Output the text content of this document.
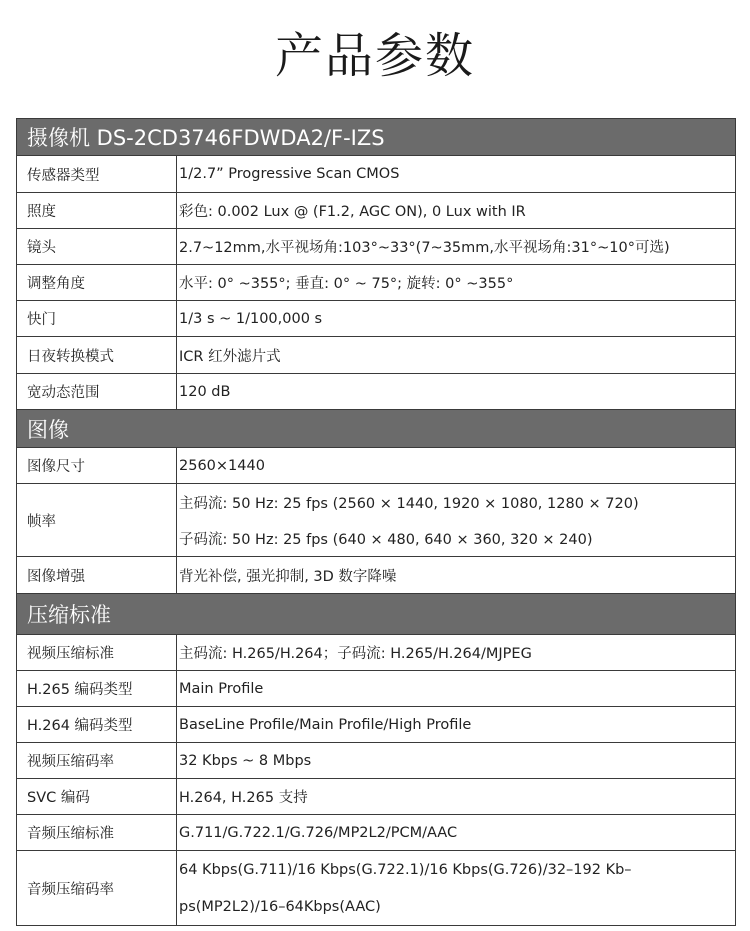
产品参数
摄像机 DS-2CD3746FDWDA2/F-IZS	
传感器类型	1/2.7” Progressive Scan CMOS
照度	彩色: 0.002 Lux @ (F1.2, AGC ON), 0 Lux with IR
镜头	2.7~12mm,水平视场角:103°~33°(7~35mm,水平视场角:31°~10°可选)
调整角度	水平: 0° ~355°; 垂直: 0° ~ 75°; 旋转: 0° ~355°
快门	1/3 s ~ 1/100,000 s
日夜转换模式	ICR 红外滤片式
宽动态范围	120 dB
图像	
图像尺寸	2560×1440
帧率	主码流: 50 Hz: 25 fps (2560 × 1440, 1920 × 1080, 1280 × 720)
子码流: 50 Hz: 25 fps (640 × 480, 640 × 360, 320 × 240)

图像增强	背光补偿, 强光抑制, 3D 数字降噪
压缩标准	
视频压缩标准	主码流: H.265/H.264；子码流: H.265/H.264/MJPEG
H.265 编码类型	Main Profile
H.264 编码类型	BaseLine Profile/Main Profile/High Profile
视频压缩码率	32 Kbps ~ 8 Mbps
SVC 编码	H.264, H.265 支持
音频压缩标准	G.711/G.722.1/G.726/MP2L2/PCM/AAC
音频压缩码率	64 Kbps(G.711)/16 Kbps(G.722.1)/16 Kbps(G.726)/32–192 Kb–
ps(MP2L2)/16–64Kbps(AAC)
